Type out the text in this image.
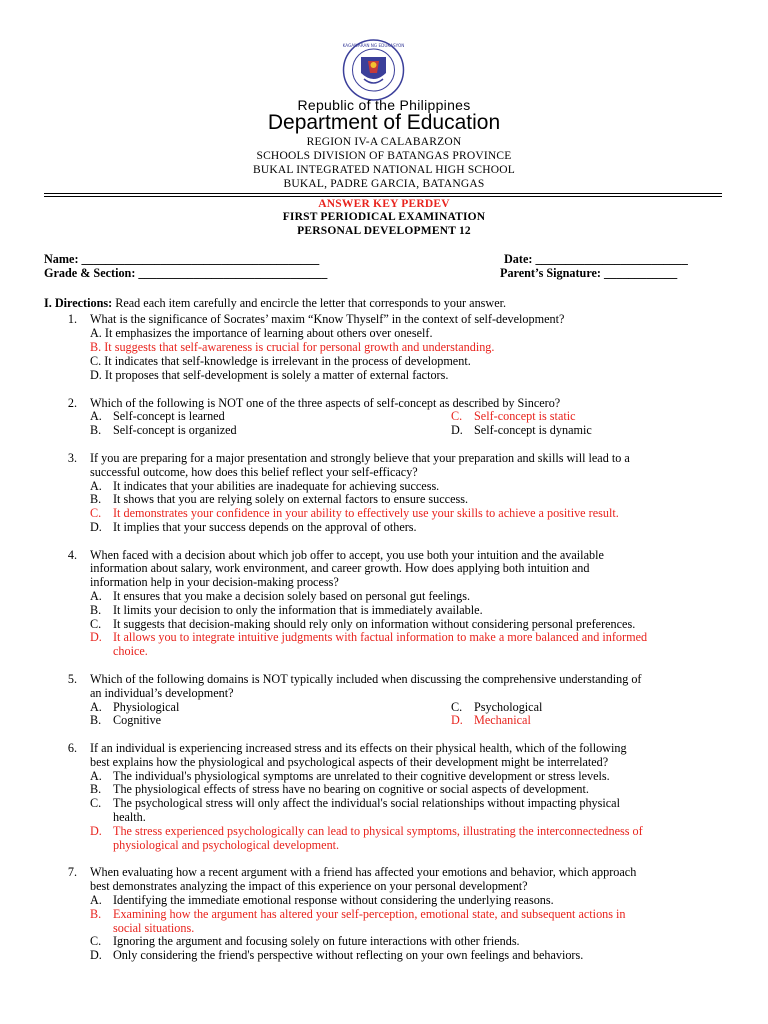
KAGAWARAN NG EDUKASYON
Republic of the Philippines
Department of Education
REGION IV-A CALABARZON
SCHOOLS DIVISION OF BATANGAS PROVINCE
BUKAL INTEGRATED NATIONAL HIGH SCHOOL
BUKAL, PADRE GARCIA, BATANGAS
ANSWER KEY PERDEV
FIRST PERIODICAL EXAMINATION
PERSONAL DEVELOPMENT 12
Name: _______________________________________	Date: _________________________
Grade & Section: _______________________________	Parent’s Signature: ____________
I. Directions: Read each item carefully and encircle the letter that corresponds to your answer.
1. What is the significance of Socrates’ maxim “Know Thyself” in the context of self-development?
A. It emphasizes the importance of learning about others over oneself.
B. It suggests that self-awareness is crucial for personal growth and understanding.
C. It indicates that self-knowledge is irrelevant in the process of development.
D. It proposes that self-development is solely a matter of external factors.
2. Which of the following is NOT one of the three aspects of self-concept as described by Sincero?
A. Self-concept is learned	C. Self-concept is static
B. Self-concept is organized	D. Self-concept is dynamic
3. If you are preparing for a major presentation and strongly believe that your preparation and skills will lead to a
successful outcome, how does this belief reflect your self-efficacy?
A. It indicates that your abilities are inadequate for achieving success.
B. It shows that you are relying solely on external factors to ensure success.
C. It demonstrates your confidence in your ability to effectively use your skills to achieve a positive result.
D. It implies that your success depends on the approval of others.
4. When faced with a decision about which job offer to accept, you use both your intuition and the available
information about salary, work environment, and career growth. How does applying both intuition and
information help in your decision-making process?
A. It ensures that you make a decision solely based on personal gut feelings.
B. It limits your decision to only the information that is immediately available.
C. It suggests that decision-making should rely only on information without considering personal preferences.
D. It allows you to integrate intuitive judgments with factual information to make a more balanced and informed
choice.
5. Which of the following domains is NOT typically included when discussing the comprehensive understanding of
an individual’s development?
A. Physiological	C. Psychological
B. Cognitive	D. Mechanical
6. If an individual is experiencing increased stress and its effects on their physical health, which of the following
best explains how the physiological and psychological aspects of their development might be interrelated?
A. The individual's physiological symptoms are unrelated to their cognitive development or stress levels.
B. The physiological effects of stress have no bearing on cognitive or social aspects of development.
C. The psychological stress will only affect the individual's social relationships without impacting physical
health.
D. The stress experienced psychologically can lead to physical symptoms, illustrating the interconnectedness of
physiological and psychological development.
7. When evaluating how a recent argument with a friend has affected your emotions and behavior, which approach
best demonstrates analyzing the impact of this experience on your personal development?
A. Identifying the immediate emotional response without considering the underlying reasons.
B. Examining how the argument has altered your self-perception, emotional state, and subsequent actions in
social situations.
C. Ignoring the argument and focusing solely on future interactions with other friends.
D. Only considering the friend's perspective without reflecting on your own feelings and behaviors.
